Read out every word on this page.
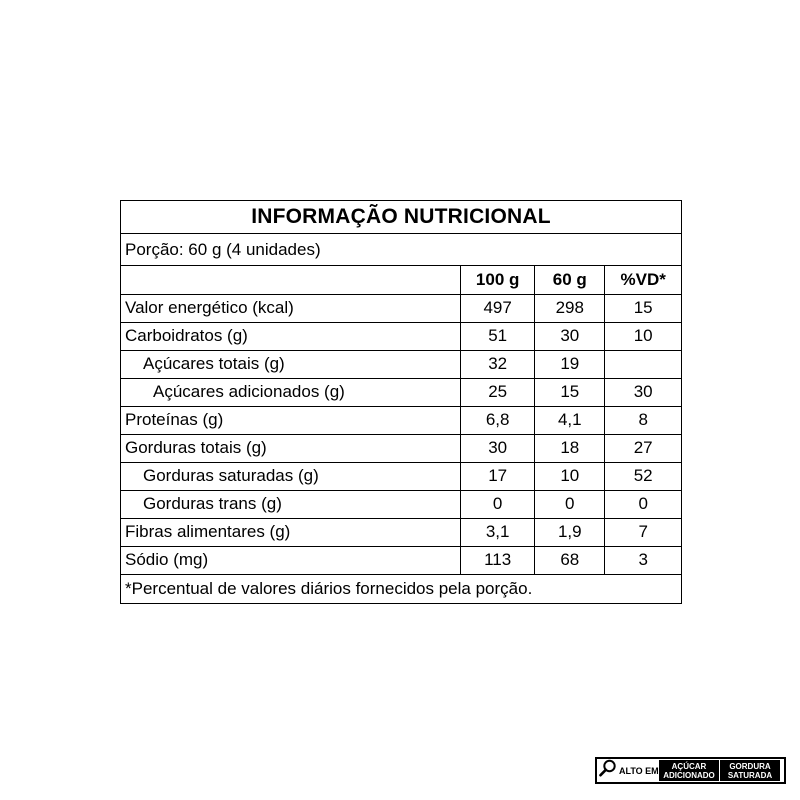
INFORMAÇÃO NUTRICIONAL
Porção: 60 g (4 unidades)
	100 g	60 g	%VD*
Valor energético (kcal)	497	298	15
Carboidratos (g)	51	30	10
Açúcares totais (g)	32	19	
Açúcares adicionados (g)	25	15	30
Proteínas (g)	6,8	4,1	8
Gorduras totais (g)	30	18	27
Gorduras saturadas (g)	17	10	52
Gorduras trans (g)	0	0	0
Fibras alimentares (g)	3,1	1,9	7
Sódio (mg)	113	68	3
*Percentual de valores diários fornecidos pela porção.
ALTO EM	AÇÚCAR
ADICIONADO
GORDURA
SATURADA
